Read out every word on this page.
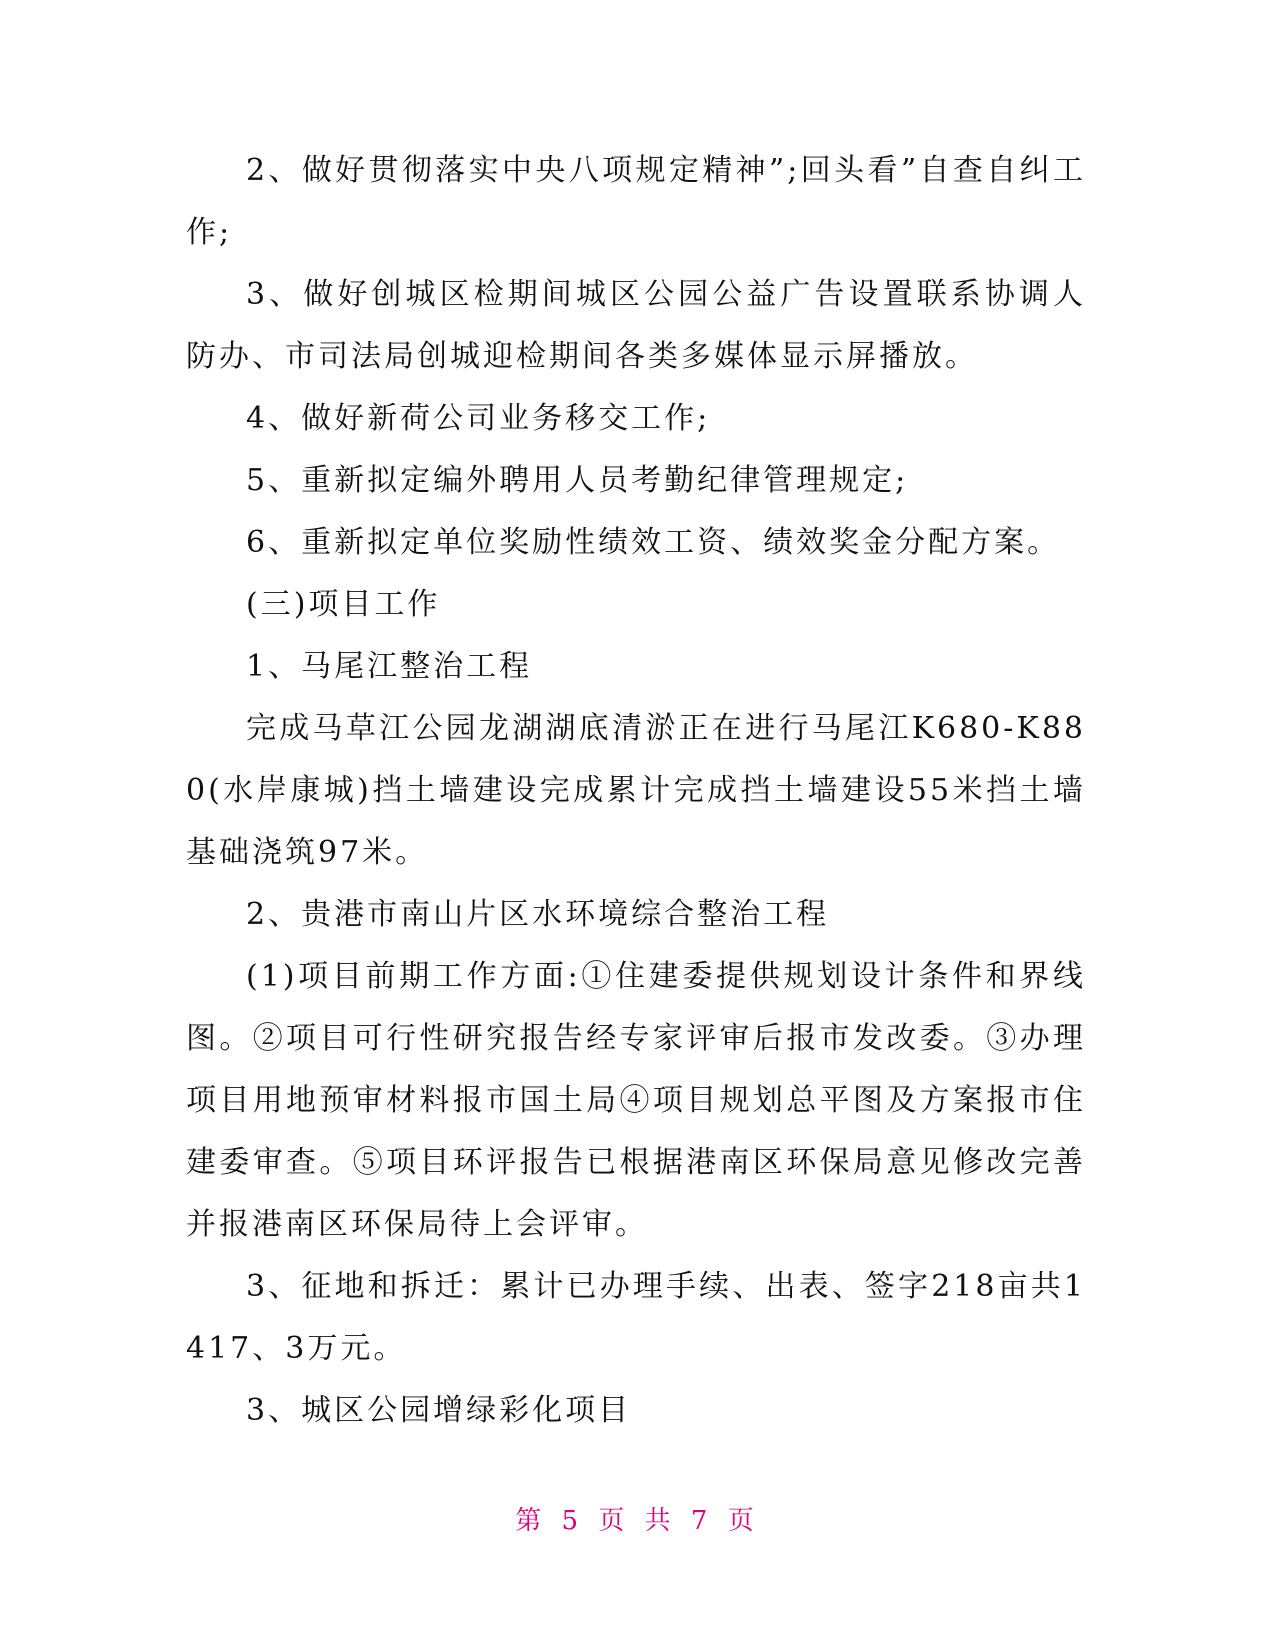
2、做好贯彻落实中央八项规定精神”;回头看”自查自纠工作;

3、做好创城区检期间城区公园公益广告设置联系协调人防办、市司法局创城迎检期间各类多媒体显示屏播放。

4、做好新荷公司业务移交工作;

5、重新拟定编外聘用人员考勤纪律管理规定;

6、重新拟定单位奖励性绩效工资、绩效奖金分配方案。

(三)项目工作

1、马尾江整治工程

完成马草江公园龙湖湖底清淤正在进行马尾江K680-K880(水岸康城)挡土墙建设完成累计完成挡土墙建设55米挡土墙基础浇筑97米。

2、贵港市南山片区水环境综合整治工程

(1)项目前期工作方面:①住建委提供规划设计条件和界线图。②项目可行性研究报告经专家评审后报市发改委。③办理项目用地预审材料报市国土局④项目规划总平图及方案报市住建委审查。⑤项目环评报告已根据港南区环保局意见修改完善并报港南区环保局待上会评审。

3、征地和拆迁：累计已办理手续、出表、签字218亩共1417、3万元。

3、城区公园增绿彩化项目

第 5 页 共 7 页
